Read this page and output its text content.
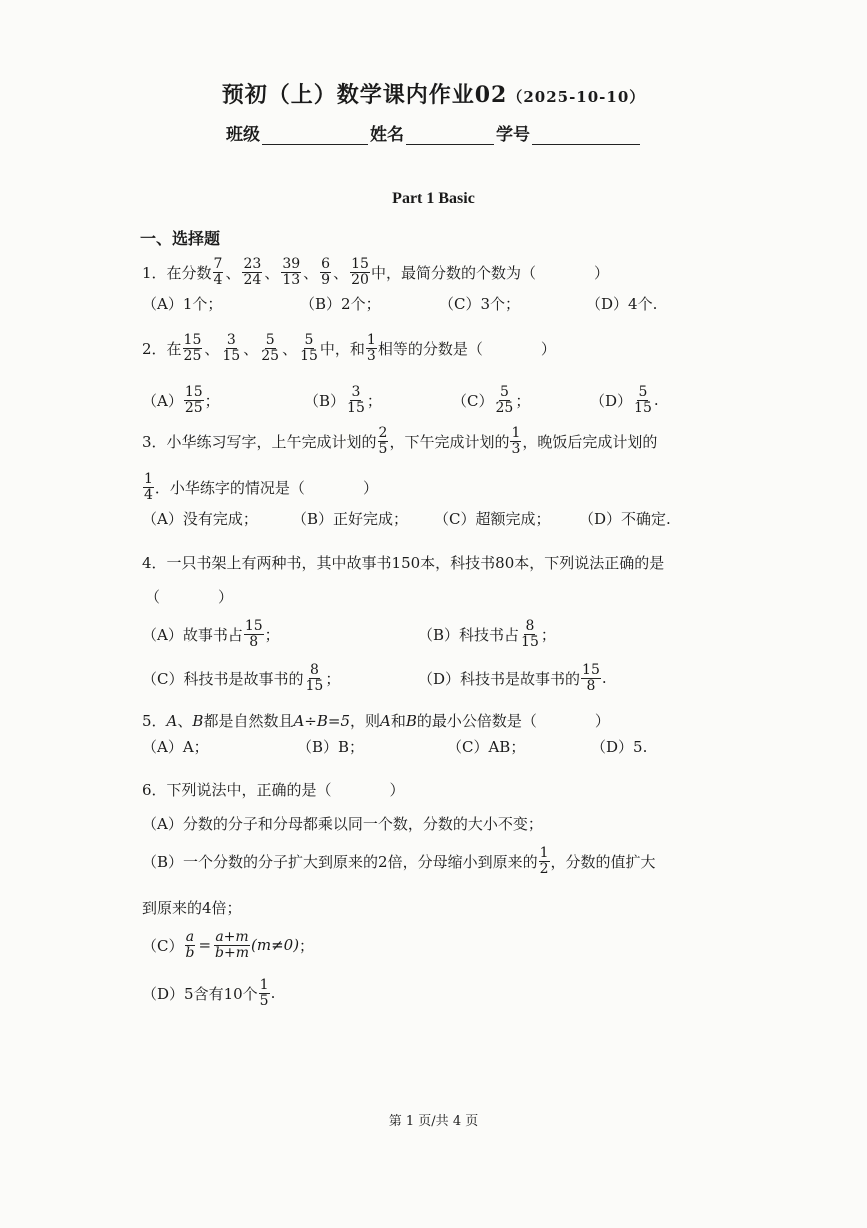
预初（上）数学课内作业02（2025-10-10）
班级	姓名	学号
Part 1 Basic
一、选择题
1．在分数 $\frac{7}{4}$ 、 $\frac{23}{24}$ 、 $\frac{39}{13}$ 、 $\frac{6}{9}$ 、 $\frac{15}{20}$ 中，最简分数的个数为（	）
（A）1个；	（B）2个；	（C）3个；	（D）4个.
2．在 $\frac{15}{25}$ 、 $\frac{3}{15}$ 、 $\frac{5}{25}$ 、 $\frac{5}{15}$ 中，和 $\frac{1}{3}$ 相等的分数是（	）
$(A) \frac{15}{25}$ ；	$(B) \frac{3}{15}$ ；	$(C) \frac{5}{25}$ ；	$(D) \frac{5}{15}$ .
3．小华练习写字，上午完成计划的 $\frac{2}{5}$ ，下午完成计划的 $\frac{1}{3}$ ，晚饭后完成计划的
$\frac{1}{4}$ ．小华练字的情况是（	）
（A）没有完成； （B）正好完成； （C）超额完成； （D）不确定.
4．一只书架上有两种书，其中故事书150本，科技书80本，下列说法正确的是
（	）
（A）故事书占 $\frac{15}{8}$ ；	（B）科技书占 $\frac{8}{15}$ ；
（C）科技书是故事书的 $\frac{8}{15}$ ；	（D）科技书是故事书的 $\frac{15}{8}$ .
5． A 、 B 都是自然数且 A÷B=5 ，则 A 和 B 的最小公倍数是（	）
（A）A；	（B）B；	（C）AB；	（D）5.
6．下列说法中，正确的是（	）
（A）分数的分子和分母都乘以同一个数，分数的大小不变；
（B）一个分数的分子扩大到原来的2倍，分母缩小到原来的 $\frac{1}{2}$ ，分数的值扩大
到原来的4倍；
$(C) \frac{a}{b} = \frac{a+m}{b+m} (m\ne 0)$ ；
（D）5含有10个 $\frac{1}{5}$ .
第 1 页/共 4 页
